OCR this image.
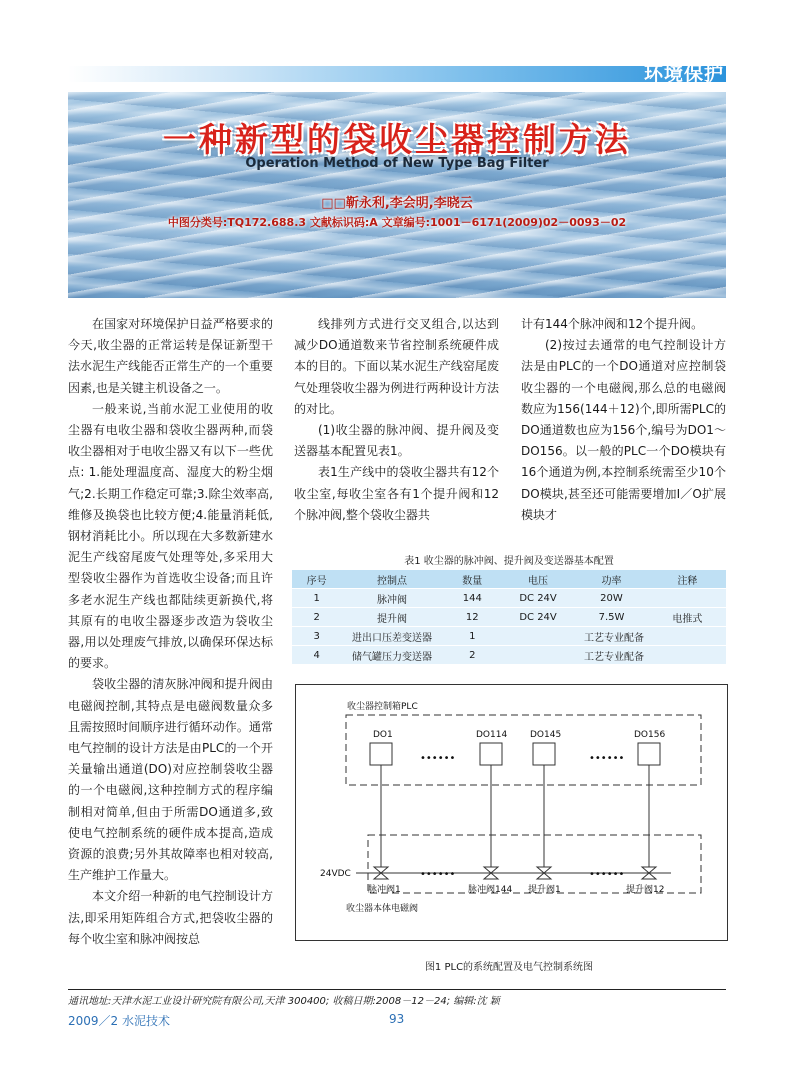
环境保护
一种新型的袋收尘器控制方法
Operation Method of New Type Bag Filter
□□靳永利,李会明,李晓云
中图分类号:TQ172.688.3 文献标识码:A 文章编号:1001－6171(2009)02－0093－02

在国家对环境保护日益严格要求的今天,收尘器的正常运转是保证新型干法水泥生产线能否正常生产的一个重要因素,也是关键主机设备之一。

一般来说,当前水泥工业使用的收尘器有电收尘器和袋收尘器两种,而袋收尘器相对于电收尘器又有以下一些优点: 1.能处理温度高、湿度大的粉尘烟气;2.长期工作稳定可靠;3.除尘效率高,维修及换袋也比较方便;4.能量消耗低,钢材消耗比小。所以现在大多数新建水泥生产线窑尾废气处理等处,多采用大型袋收尘器作为首选收尘设备;而且许多老水泥生产线也都陆续更新换代,将其原有的电收尘器逐步改造为袋收尘器,用以处理废气排放,以确保环保达标的要求。

袋收尘器的清灰脉冲阀和提升阀由电磁阀控制,其特点是电磁阀数量众多且需按照时间顺序进行循环动作。通常电气控制的设计方法是由PLC的一个开关量输出通道(DO)对应控制袋收尘器的一个电磁阀,这种控制方式的程序编制相对简单,但由于所需DO通道多,致使电气控制系统的硬件成本提高,造成资源的浪费;另外其故障率也相对较高,生产维护工作量大。

本文介绍一种新的电气控制设计方法,即采用矩阵组合方式,把袋收尘器的每个收尘室和脉冲阀按总

线排列方式进行交叉组合,以达到减少DO通道数来节省控制系统硬件成本的目的。下面以某水泥生产线窑尾废气处理袋收尘器为例进行两种设计方法的对比。

(1)收尘器的脉冲阀、提升阀及变送器基本配置见表1。

表1生产线中的袋收尘器共有12个收尘室,每收尘室各有1个提升阀和12个脉冲阀,整个袋收尘器共

计有144个脉冲阀和12个提升阀。

(2)按过去通常的电气控制设计方法是由PLC的一个DO通道对应控制袋收尘器的一个电磁阀,那么总的电磁阀数应为156(144＋12)个,即所需PLC的DO通道数也应为156个,编号为DO1～DO156。以一般的PLC一个DO模块有16个通道为例,本控制系统需至少10个DO模块,甚至还可能需要增加I／O扩展模块才

表1 收尘器的脉冲阀、提升阀及变送器基本配置
序号	控制点	数量	电压	功率	注释
1	脉冲阀	144	DC 24V	20W	
2	提升阀	12	DC 24V	7.5W	电推式
3	进出口压差变送器	1	工艺专业配备		
4	储气罐压力变送器	2	工艺专业配备		
收尘器控制箱PLC
DO1
••••••
DO114	DO145
••••••
DO156
收尘器本体电磁阀
24VDC	••••••	••••••
脉冲阀1	脉冲阀144 提升阀1	提升阀12
图1 PLC的系统配置及电气控制系统图
通讯地址:天津水泥工业设计研究院有限公司,天津 300400; 收稿日期:2008－12－24; 编辑:沈 颖
2009／2 水泥技术	93
